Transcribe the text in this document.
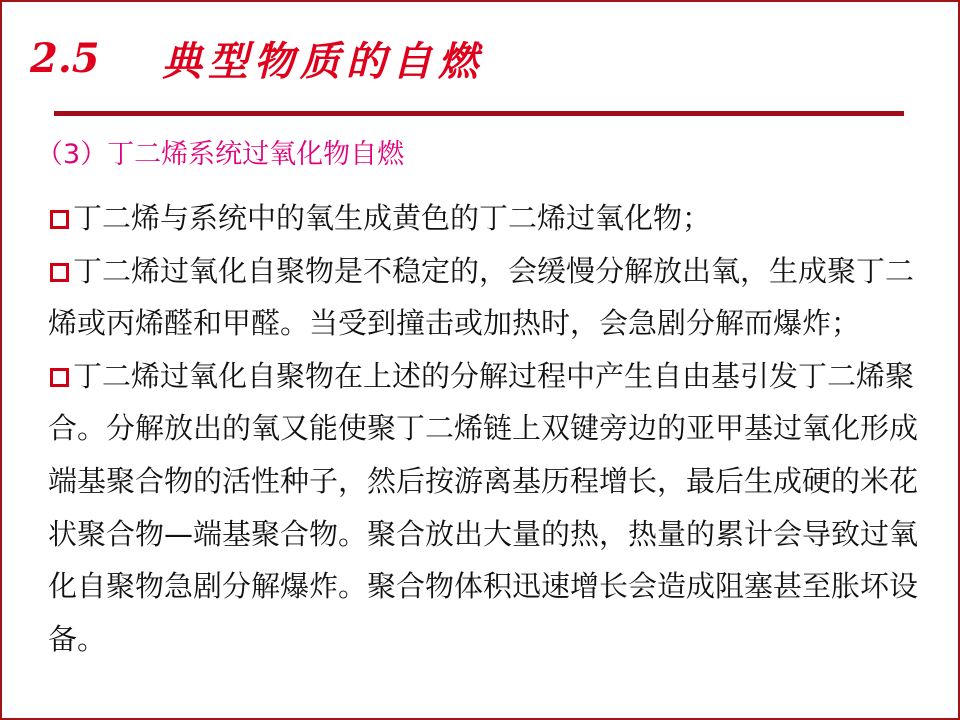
2.5	典型物质的自燃
（3）丁二烯系统过氧化物自燃

丁二烯与系统中的氧生成黄色的丁二烯过氧化物；

丁二烯过氧化自聚物是不稳定的，会缓慢分解放出氧，生成聚丁二烯或丙烯醛和甲醛。当受到撞击或加热时，会急剧分解而爆炸；

丁二烯过氧化自聚物在上述的分解过程中产生自由基引发丁二烯聚合。分解放出的氧又能使聚丁二烯链上双键旁边的亚甲基过氧化形成端基聚合物的活性种子，然后按游离基历程增长，最后生成硬的米花状聚合物—端基聚合物。聚合放出大量的热，热量的累计会导致过氧化自聚物急剧分解爆炸。聚合物体积迅速增长会造成阻塞甚至胀坏设备。
